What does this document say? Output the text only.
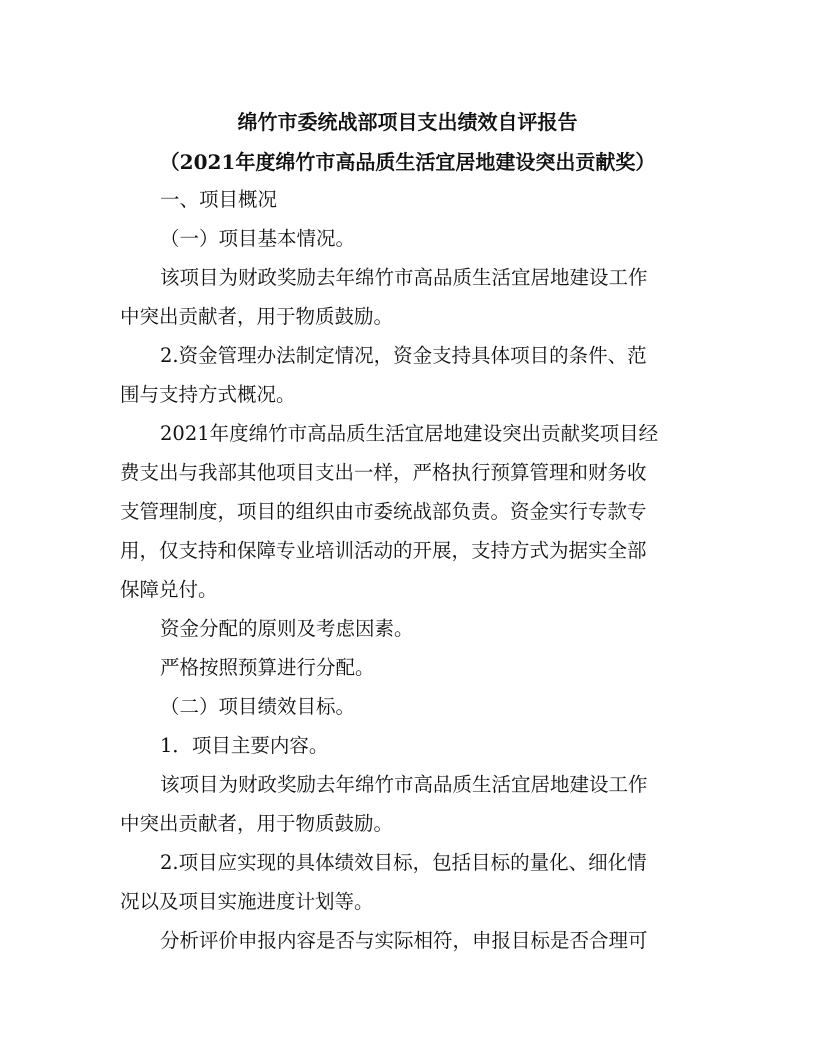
绵竹市委统战部项目支出绩效自评报告
（2021年度绵竹市高品质生活宜居地建设突出贡献奖）
一、项目概况
（一）项目基本情况。
该项目为财政奖励去年绵竹市高品质生活宜居地建设工作
中突出贡献者，用于物质鼓励。
2.资金管理办法制定情况，资金支持具体项目的条件、范
围与支持方式概况。
2021年度绵竹市高品质生活宜居地建设突出贡献奖项目经
费支出与我部其他项目支出一样，严格执行预算管理和财务收
支管理制度，项目的组织由市委统战部负责。资金实行专款专
用，仅支持和保障专业培训活动的开展，支持方式为据实全部
保障兑付。
资金分配的原则及考虑因素。
严格按照预算进行分配。
（二）项目绩效目标。
1．项目主要内容。
该项目为财政奖励去年绵竹市高品质生活宜居地建设工作
中突出贡献者，用于物质鼓励。
2.项目应实现的具体绩效目标，包括目标的量化、细化情
况以及项目实施进度计划等。
分析评价申报内容是否与实际相符，申报目标是否合理可
